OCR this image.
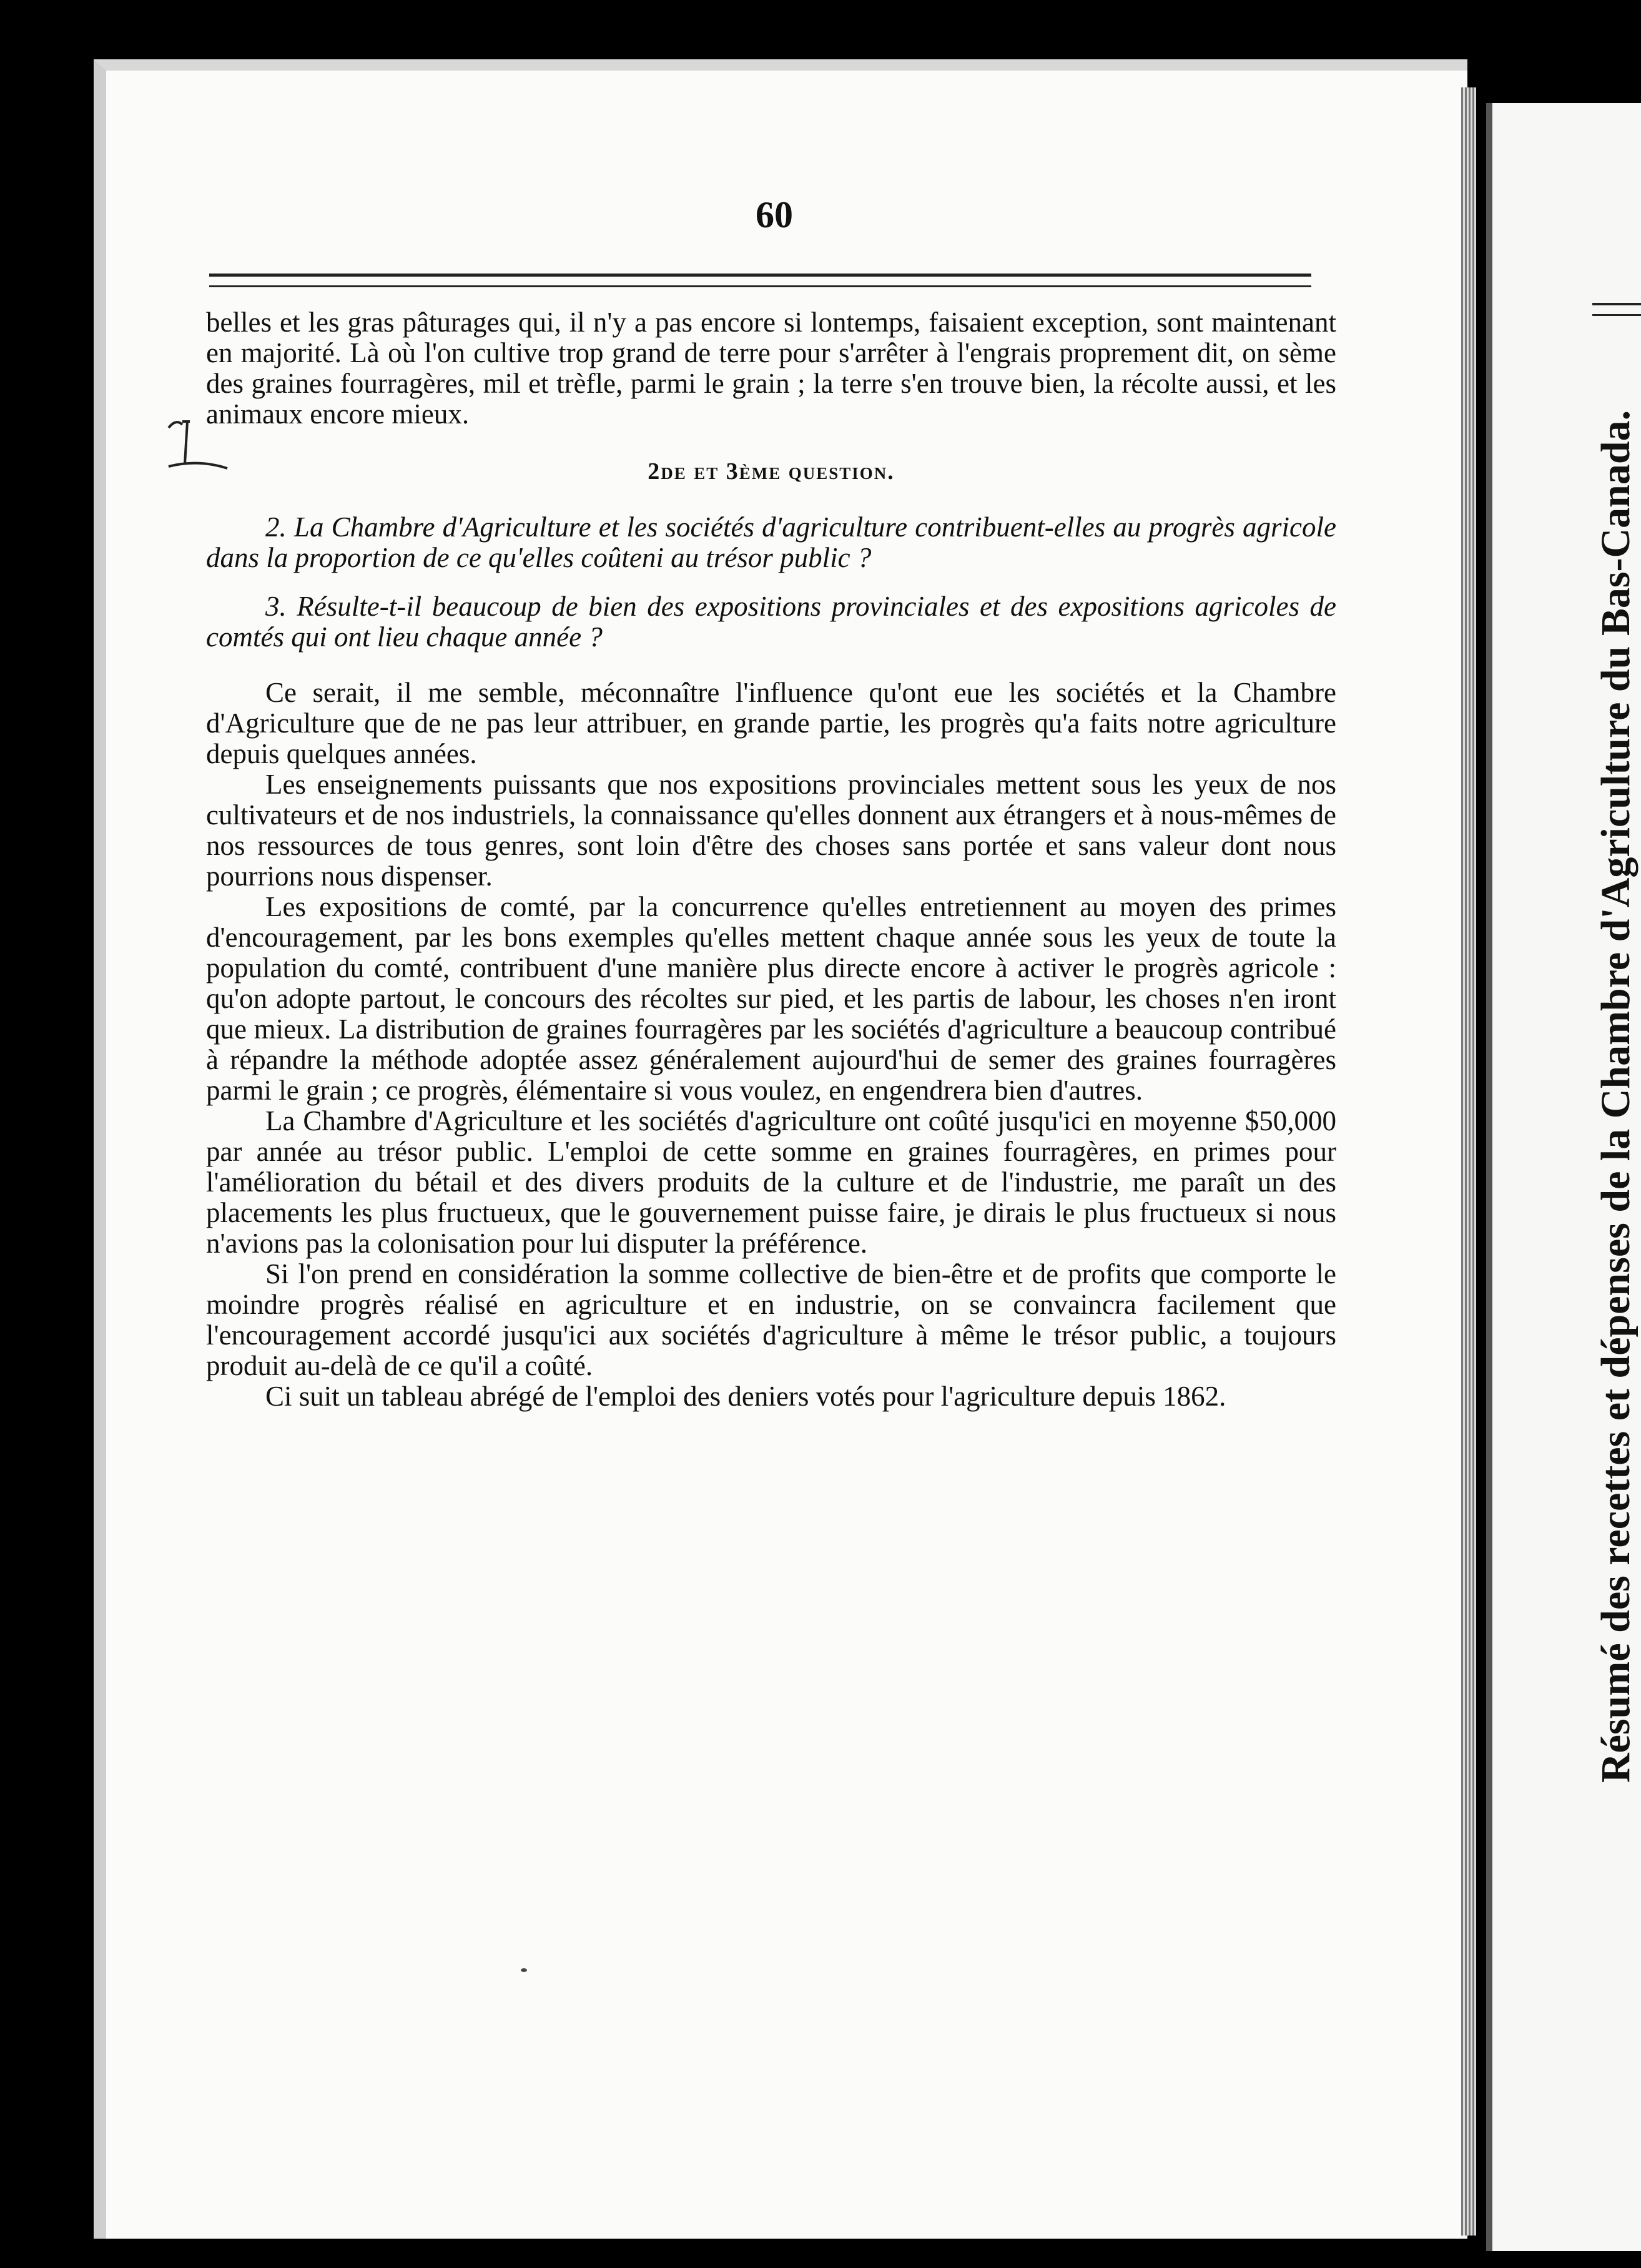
Résumé des recettes et dépenses de la Chambre d'Agriculture du Bas-Canada.
60

belles et les gras pâturages qui, il n'y a pas encore si lontemps, faisaient exception, sont maintenant en majorité. Là où l'on cultive trop grand de terre pour s'arrêter à l'engrais proprement dit, on sème des graines fourragères, mil et trèfle, parmi le grain ; la terre s'en trouve bien, la récolte aussi, et les animaux encore mieux.

2de et 3ème question.
2. La Chambre d'Agriculture et les sociétés d'agriculture contribuent-elles au progrès agricole dans la proportion de ce qu'elles coûteni au trésor public ?
3. Résulte-t-il beaucoup de bien des expositions provinciales et des expositions agricoles de comtés qui ont lieu chaque année ?

Ce serait, il me semble, méconnaître l'influence qu'ont eue les sociétés et la Chambre d'Agriculture que de ne pas leur attribuer, en grande partie, les progrès qu'a faits notre agriculture depuis quelques années.

Les enseignements puissants que nos expositions provinciales mettent sous les yeux de nos cultivateurs et de nos industriels, la connaissance qu'elles donnent aux étrangers et à nous-mêmes de nos ressources de tous genres, sont loin d'être des choses sans portée et sans valeur dont nous pourrions nous dispenser.

Les expositions de comté, par la concurrence qu'elles entretiennent au moyen des primes d'encouragement, par les bons exemples qu'elles mettent chaque année sous les yeux de toute la population du comté, contribuent d'une manière plus directe encore à activer le progrès agricole : qu'on adopte partout, le concours des récoltes sur pied, et les partis de labour, les choses n'en iront que mieux. La distribution de graines fourragères par les sociétés d'agriculture a beaucoup contribué à répandre la méthode adoptée assez généralement aujourd'hui de semer des graines fourragères parmi le grain ; ce progrès, élémentaire si vous voulez, en engendrera bien d'autres.

La Chambre d'Agriculture et les sociétés d'agriculture ont coûté jusqu'ici en moyenne $50,000 par année au trésor public. L'emploi de cette somme en graines fourragères, en primes pour l'amélioration du bétail et des divers produits de la culture et de l'industrie, me paraît un des placements les plus fructueux, que le gouvernement puisse faire, je dirais le plus fructueux si nous n'avions pas la colonisation pour lui disputer la préférence.

Si l'on prend en considération la somme collective de bien-être et de profits que comporte le moindre progrès réalisé en agriculture et en industrie, on se convaincra facilement que l'encouragement accordé jusqu'ici aux sociétés d'agriculture à même le trésor public, a toujours produit au-delà de ce qu'il a coûté.

Ci suit un tableau abrégé de l'emploi des deniers votés pour l'agriculture depuis 1862.
